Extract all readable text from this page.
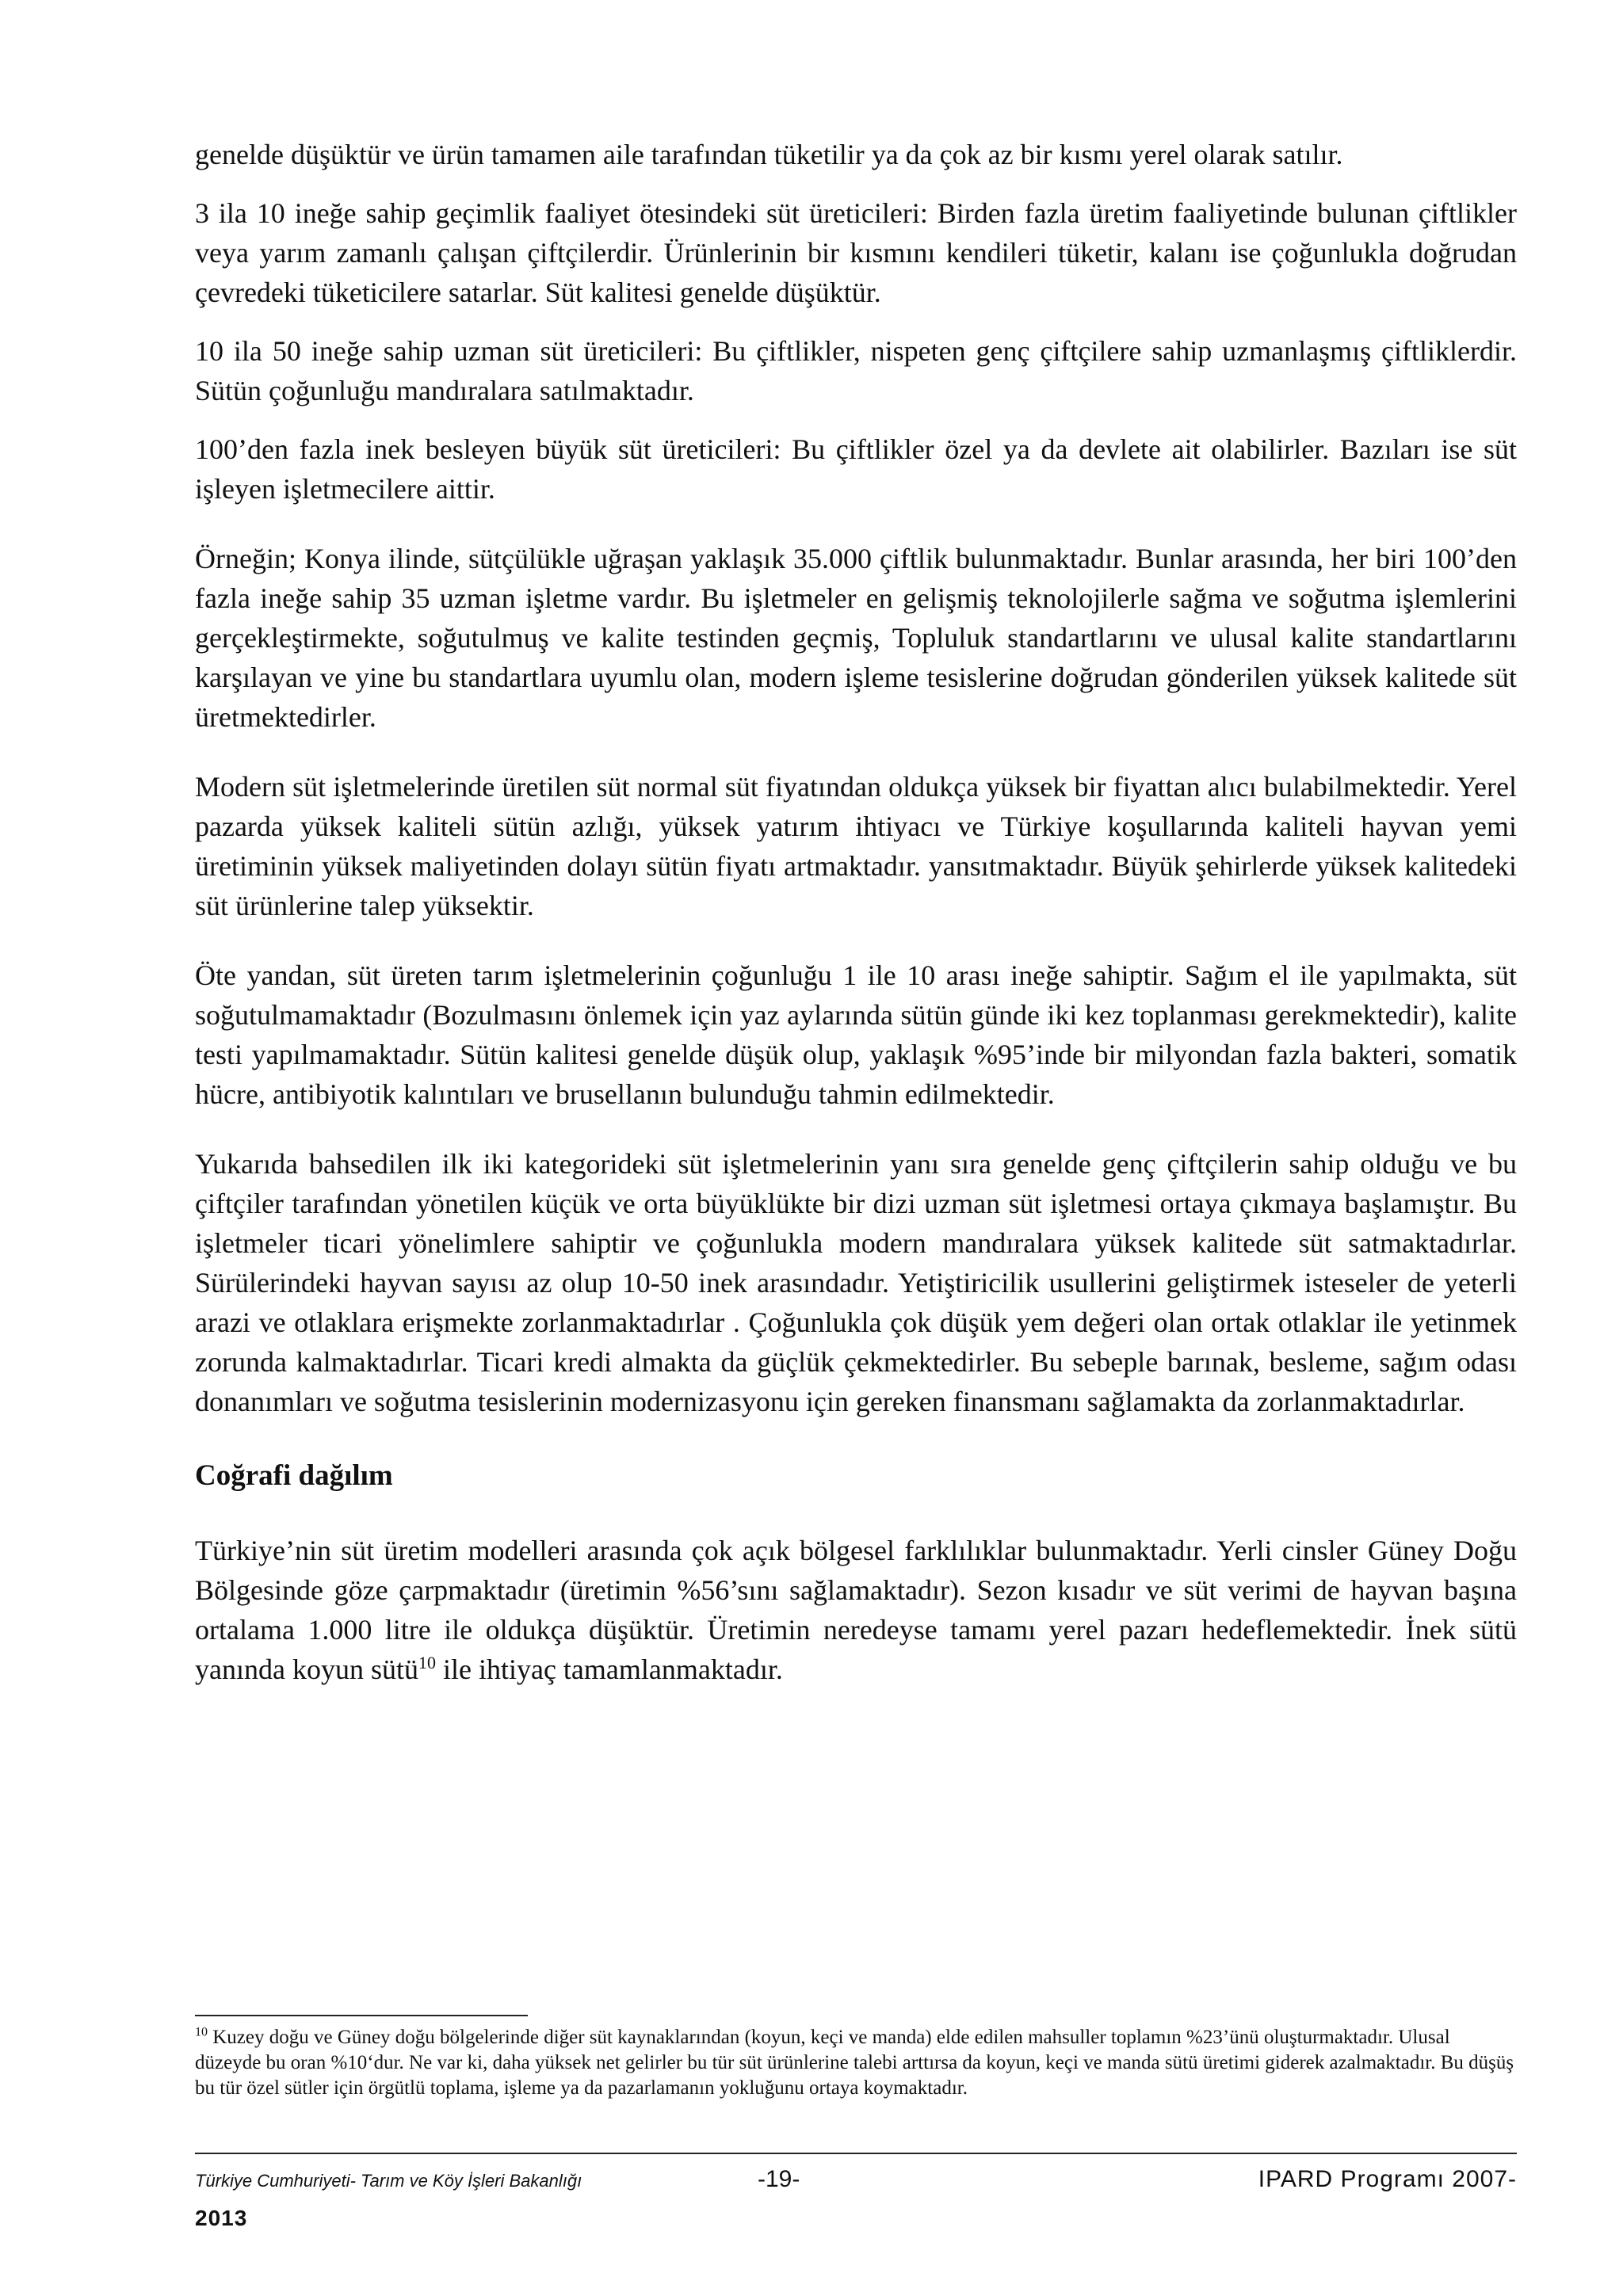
genelde düşüktür ve ürün tamamen aile tarafından tüketilir ya da çok az bir kısmı yerel olarak satılır.

3 ila 10 ineğe sahip geçimlik faaliyet ötesindeki süt üreticileri: Birden fazla üretim faaliyetinde bulunan çiftlikler veya yarım zamanlı çalışan çiftçilerdir. Ürünlerinin bir kısmını kendileri tüketir, kalanı ise çoğunlukla doğrudan çevredeki tüketicilere satarlar. Süt kalitesi genelde düşüktür.

10 ila 50 ineğe sahip uzman süt üreticileri: Bu çiftlikler, nispeten genç çiftçilere sahip uzmanlaşmış çiftliklerdir. Sütün çoğunluğu mandıralara satılmaktadır.

100’den fazla inek besleyen büyük süt üreticileri: Bu çiftlikler özel ya da devlete ait olabilirler. Bazıları ise süt işleyen işletmecilere aittir.

Örneğin; Konya ilinde, sütçülükle uğraşan yaklaşık 35.000 çiftlik bulunmaktadır. Bunlar arasında, her biri 100’den fazla ineğe sahip 35 uzman işletme vardır. Bu işletmeler en gelişmiş teknolojilerle sağma ve soğutma işlemlerini gerçekleştirmekte, soğutulmuş ve kalite testinden geçmiş, Topluluk standartlarını ve ulusal kalite standartlarını karşılayan ve yine bu standartlara uyumlu olan, modern işleme tesislerine doğrudan gönderilen yüksek kalitede süt üretmektedirler.

Modern süt işletmelerinde üretilen süt normal süt fiyatından oldukça yüksek bir fiyattan alıcı bulabilmektedir. Yerel pazarda yüksek kaliteli sütün azlığı, yüksek yatırım ihtiyacı ve Türkiye koşullarında kaliteli hayvan yemi üretiminin yüksek maliyetinden dolayı sütün fiyatı artmaktadır. yansıtmaktadır. Büyük şehirlerde yüksek kalitedeki süt ürünlerine talep yüksektir.

Öte yandan, süt üreten tarım işletmelerinin çoğunluğu 1 ile 10 arası ineğe sahiptir. Sağım el ile yapılmakta, süt soğutulmamaktadır (Bozulmasını önlemek için yaz aylarında sütün günde iki kez toplanması gerekmektedir), kalite testi yapılmamaktadır. Sütün kalitesi genelde düşük olup, yaklaşık %95’inde bir milyondan fazla bakteri, somatik hücre, antibiyotik kalıntıları ve brusellanın bulunduğu tahmin edilmektedir.

Yukarıda bahsedilen ilk iki kategorideki süt işletmelerinin yanı sıra genelde genç çiftçilerin sahip olduğu ve bu çiftçiler tarafından yönetilen küçük ve orta büyüklükte bir dizi uzman süt işletmesi ortaya çıkmaya başlamıştır. Bu işletmeler ticari yönelimlere sahiptir ve çoğunlukla modern mandıralara yüksek kalitede süt satmaktadırlar. Sürülerindeki hayvan sayısı az olup 10-50 inek arasındadır. Yetiştiricilik usullerini geliştirmek isteseler de yeterli arazi ve otlaklara erişmekte zorlanmaktadırlar . Çoğunlukla çok düşük yem değeri olan ortak otlaklar ile yetinmek zorunda kalmaktadırlar. Ticari kredi almakta da güçlük çekmektedirler. Bu sebeple barınak, besleme, sağım odası donanımları ve soğutma tesislerinin modernizasyonu için gereken finansmanı sağlamakta da zorlanmaktadırlar.

Coğrafi dağılım

Türkiye’nin süt üretim modelleri arasında çok açık bölgesel farklılıklar bulunmaktadır. Yerli cinsler Güney Doğu Bölgesinde göze çarpmaktadır (üretimin %56’sını sağlamaktadır). Sezon kısadır ve süt verimi de hayvan başına ortalama 1.000 litre ile oldukça düşüktür. Üretimin neredeyse tamamı yerel pazarı hedeflemektedir. İnek sütü yanında koyun sütü$^{10}$ ile ihtiyaç tamamlanmaktadır.

$^{10}$ Kuzey doğu ve Güney doğu bölgelerinde diğer süt kaynaklarından (koyun, keçi ve manda) elde edilen mahsuller toplamın %23’ünü oluşturmaktadır. Ulusal düzeyde bu oran %10‘dur. Ne var ki, daha yüksek net gelirler bu tür süt ürünlerine talebi arttırsa da koyun, keçi ve manda sütü üretimi giderek azalmaktadır. Bu düşüş bu tür özel sütler için örgütlü toplama, işleme ya da pazarlamanın yokluğunu ortaya koymaktadır.
Türkiye Cumhuriyeti- Tarım ve Köy İşleri Bakanlığı	-19-	IPARD Programı 2007-
2013
